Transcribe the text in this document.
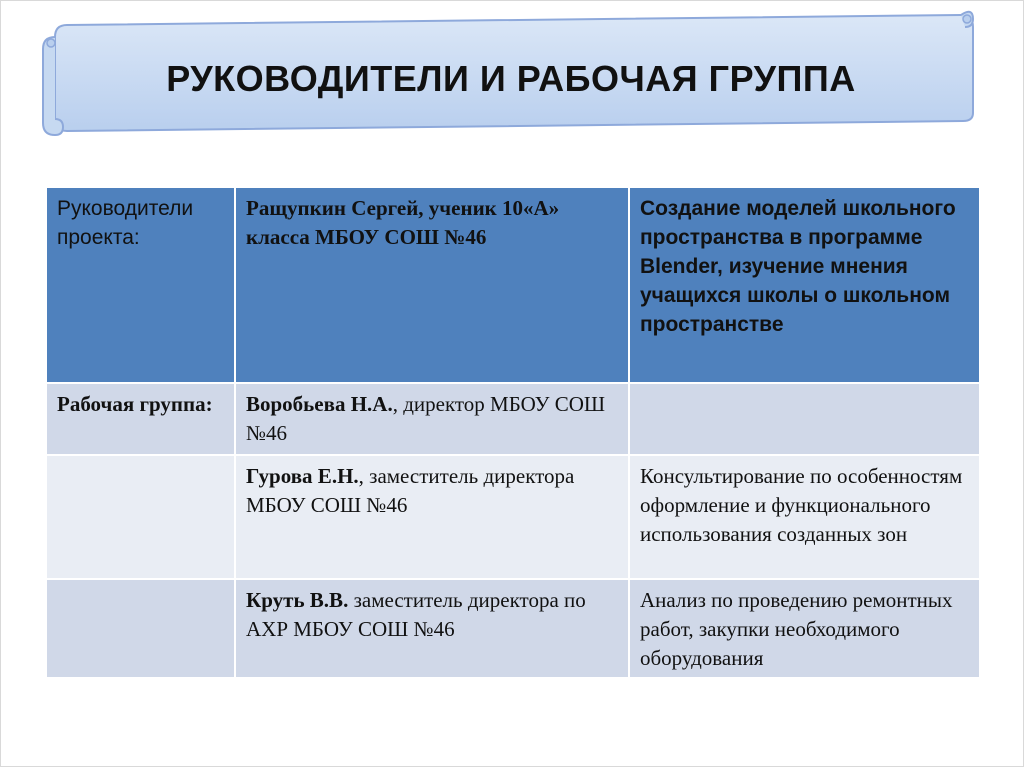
РУКОВОДИТЕЛИ И РАБОЧАЯ ГРУППА
Руководители проекта:	Ращупкин Сергей, ученик 10«А» класса МБОУ СОШ №46	Создание моделей школьного пространства в программе Blender, изучение мнения учащихся школы о школьном пространстве
Рабочая группа:	Воробьева Н.А., директор МБОУ СОШ №46	
	Гурова Е.Н., заместитель директора МБОУ СОШ №46	Консультирование по особенностям оформление и функционального использования созданных зон
	Круть В.В. заместитель директора по АХР МБОУ СОШ №46	Анализ по проведению ремонтных работ, закупки необходимого оборудования
